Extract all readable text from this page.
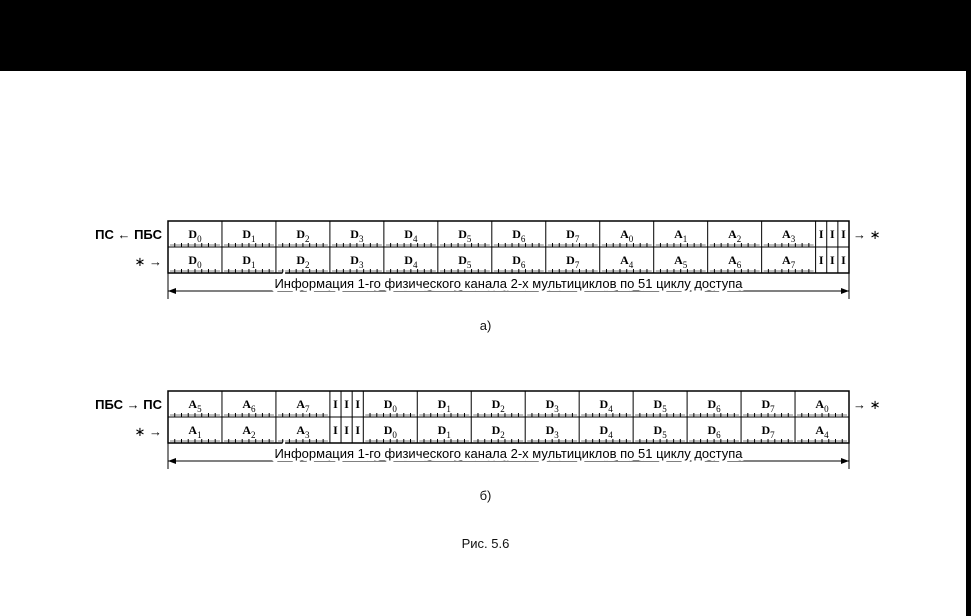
$D_0$	$D_1$	$D_2$	$D_3$	$D_4$	$D_5$	$D_6$	$D_7$	$A_0$	$A_1$	$A_2$	$A_3$ I I I
$D_0$	$D_1$	$D_2$	$D_3$	$D_4$	$D_5$	$D_6$	$D_7$	$A_4$	$A_5$	$A_6$	$A_7$ I I I
ПС ← ПБС
∗ →
→ ∗
Информация 1-го физического канала 2-х мультициклов по 51 циклу доступа
$A_5$	$A_6$	$A_7$ I I I $D_0$	$D_1$	$D_2$	$D_3$	$D_4$	$D_5$	$D_6$	$D_7$	$A_0$
$A_1$	$A_2$	$A_3$ I I I $D_0$	$D_1$	$D_2$	$D_3$	$D_4$	$D_5$	$D_6$	$D_7$	$A_4$
ПБС → ПС
∗ →
→ ∗
Информация 1-го физического канала 2-х мультициклов по 51 циклу доступа
а)
б)
Рис. 5.6
